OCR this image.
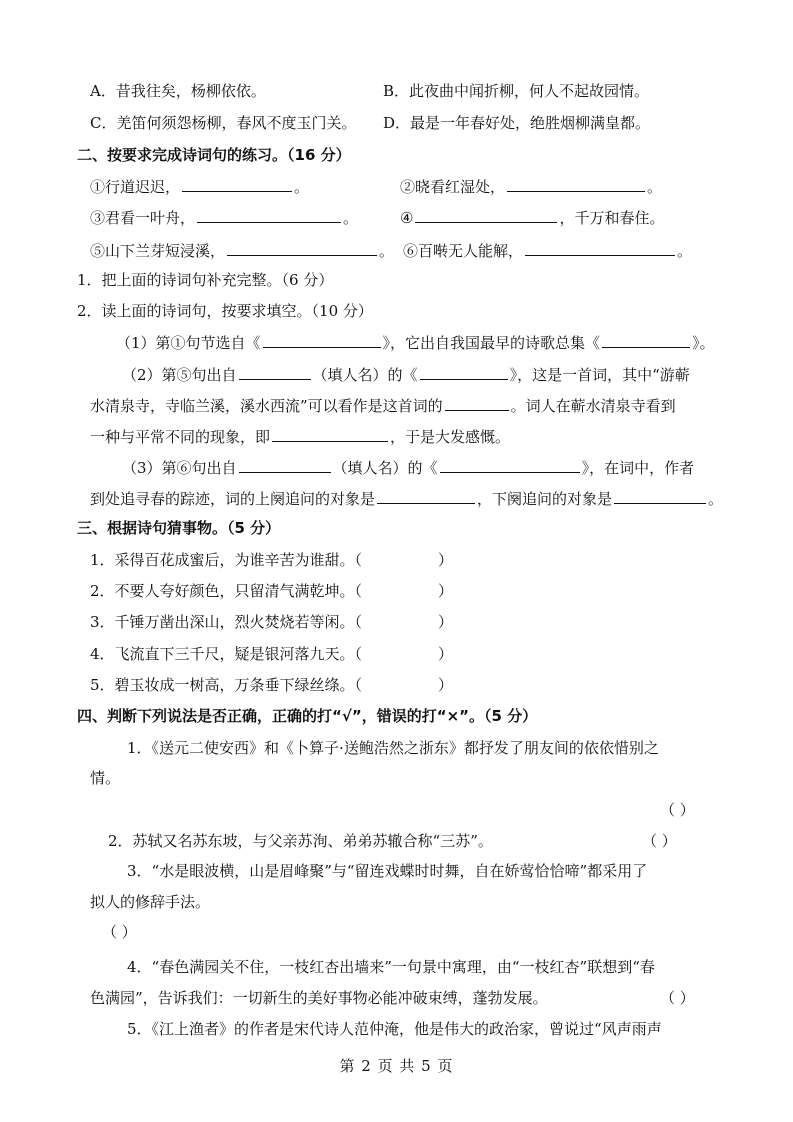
A．昔我往矣，杨柳依依。	B．此夜曲中闻折柳，何人不起故园情。
C．羌笛何须怨杨柳，春风不度玉门关。 D．最是一年春好处，绝胜烟柳满皇都。
二、按要求完成诗词句的练习。（16 分）
①行道迟迟，	。	②晓看红湿处，	。
③君看一叶舟，	。	④	，千万和春住。
⑤山下兰芽短浸溪，	。 ⑥百啭无人能解，	。
1．把上面的诗词句补充完整。（6 分）
2．读上面的诗词句，按要求填空。（10 分）
（1）第①句节选自《	》，它出自我国最早的诗歌总集《	》。
（2）第⑤句出自	（填人名）的《	》，这是一首词，其中“游蕲
水清泉寺，寺临兰溪，溪水西流”可以看作是这首词的	。词人在蕲水清泉寺看到
一种与平常不同的现象，即	，于是大发感慨。
（3）第⑥句出自	（填人名）的《	》，在词中，作者
到处追寻春的踪迹，词的上阕追问的对象是	，下阕追问的对象是	。
三、根据诗句猜事物。（5 分）
1．采得百花成蜜后，为谁辛苦为谁甜。（	）
2．不要人夸好颜色，只留清气满乾坤。（	）
3．千锤万凿出深山，烈火焚烧若等闲。（	）
4．飞流直下三千尺，疑是银河落九天。（	）
5．碧玉妆成一树高，万条垂下绿丝绦。（	）
四、判断下列说法是否正确，正确的打“√”，错误的打“×”。（5 分）
1．《送元二使安西》和《卜算子·送鲍浩然之浙东》都抒发了朋友间的依依惜别之
情。
（ ）
2．苏轼又名苏东坡，与父亲苏洵、弟弟苏辙合称“三苏”。	（ ）
3．“水是眼波横，山是眉峰聚”与“留连戏蝶时时舞，自在娇莺恰恰啼”都采用了
拟人的修辞手法。
（ ）
4．“春色满园关不住，一枝红杏出墙来”一句景中寓理，由“一枝红杏”联想到“春
色满园”，告诉我们：一切新生的美好事物必能冲破束缚，蓬勃发展。	（ ）
5．《江上渔者》的作者是宋代诗人范仲淹，他是伟大的政治家，曾说过“风声雨声
第 2 页 共 5 页
